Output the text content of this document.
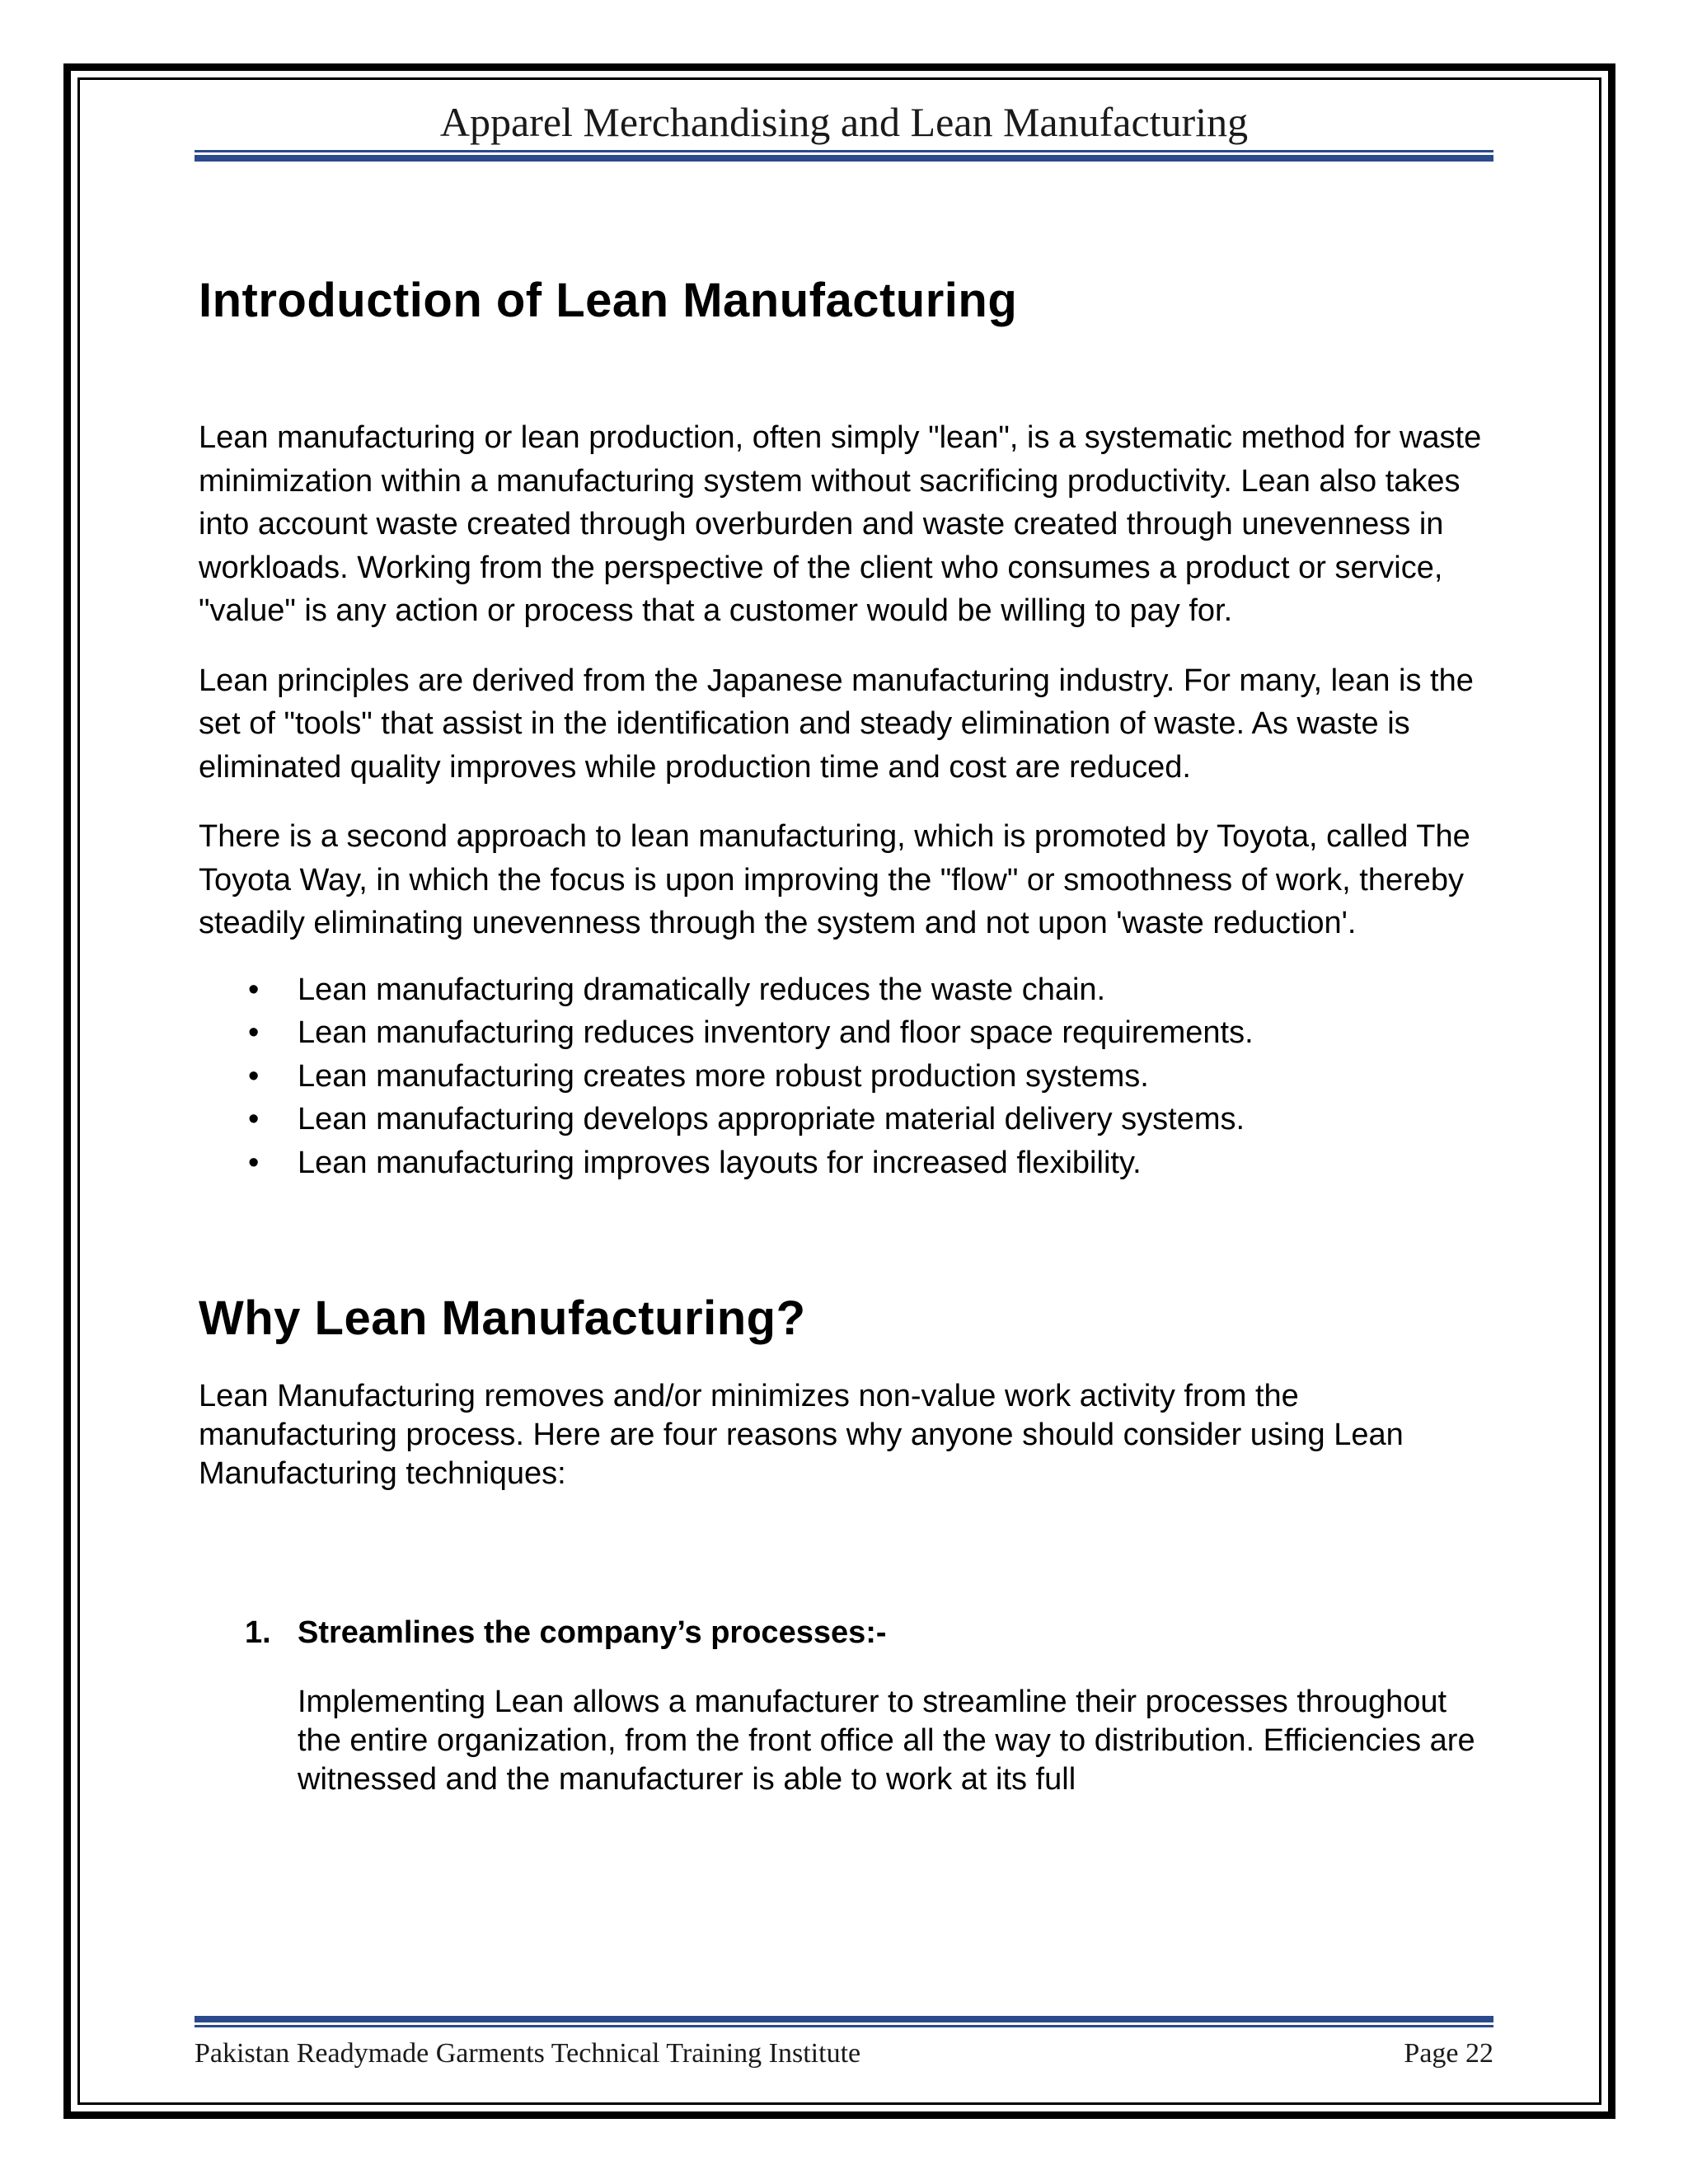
Apparel Merchandising and Lean Manufacturing
Introduction of Lean Manufacturing

Lean manufacturing or lean production, often simply "lean", is a systematic method for waste minimization within a manufacturing system without sacrificing productivity. Lean also takes into account waste created through overburden and waste created through unevenness in workloads. Working from the perspective of the client who consumes a product or service, "value" is any action or process that a customer would be willing to pay for.

Lean principles are derived from the Japanese manufacturing industry. For many, lean is the set of "tools" that assist in the identification and steady elimination of waste. As waste is eliminated quality improves while production time and cost are reduced.

There is a second approach to lean manufacturing, which is promoted by Toyota, called The Toyota Way, in which the focus is upon improving the "flow" or smoothness of work, thereby steadily eliminating unevenness through the system and not upon 'waste reduction'.

• Lean manufacturing dramatically reduces the waste chain.
• Lean manufacturing reduces inventory and floor space requirements.
• Lean manufacturing creates more robust production systems.
• Lean manufacturing develops appropriate material delivery systems.
• Lean manufacturing improves layouts for increased flexibility.
Why Lean Manufacturing?

Lean Manufacturing removes and/or minimizes non-value work activity from the manufacturing process. Here are four reasons why anyone should consider using Lean Manufacturing techniques:

1. Streamlines the company’s processes:-

Implementing Lean allows a manufacturer to streamline their processes throughout the entire organization, from the front office all the way to distribution. Efficiencies are witnessed and the manufacturer is able to work at its full

Pakistan Readymade Garments Technical Training Institute	Page 22
